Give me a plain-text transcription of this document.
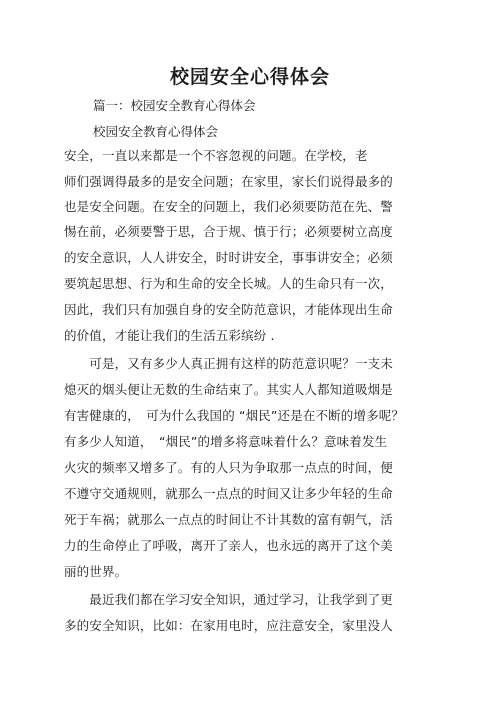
校园安全心得体会
篇一：校园安全教育心得体会
校园安全教育心得体会
安全，一直以来都是一个不容忽视的问题。在学校，老
师们强调得最多的是安全问题；在家里，家长们说得最多的
也是安全问题。在安全的问题上，我们必须要防范在先、警
惕在前，必须要警于思，合于规、慎于行；必须要树立高度
的安全意识，人人讲安全，时时讲安全，事事讲安全；必须
要筑起思想、行为和生命的安全长城。人的生命只有一次，
因此，我们只有加强自身的安全防范意识，才能体现出生命
的价值，才能让我们的生活五彩缤纷 .
　　可是，又有多少人真正拥有这样的防范意识呢？一支未
熄灭的烟头便让无数的生命结束了。其实人人都知道吸烟是
有害健康的，　可为什么我国的 “烟民”还是在不断的增多呢？
有多少人知道，　“烟民”的增多将意味着什么？意味着发生
火灾的频率又增多了。有的人只为争取那一点点的时间，便
不遵守交通规则，就那么一点点的时间又让多少年轻的生命
死于车祸；就那么一点点的时间让不计其数的富有朝气，活
力的生命停止了呼吸，离开了亲人，也永远的离开了这个美
丽的世界。
　　最近我们都在学习安全知识，通过学习，让我学到了更
多的安全知识，比如：在家用电时，应注意安全，家里没人
